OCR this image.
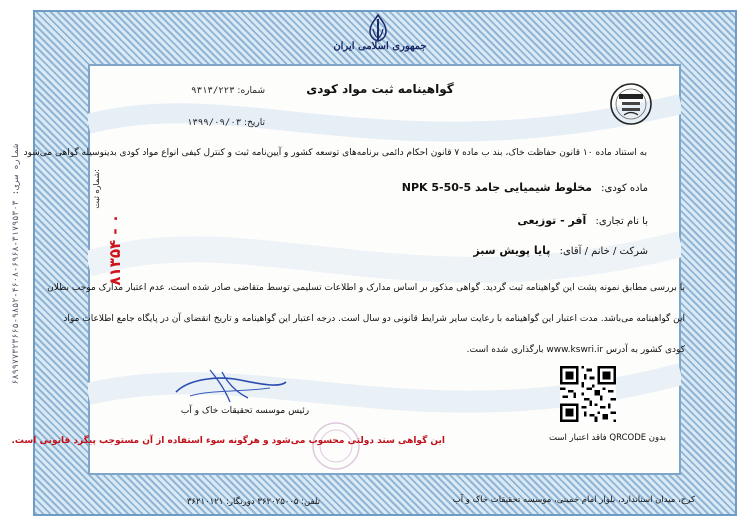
شماره سری: ۳۱۷۹۵۳۰۳-۶۹۶۸-۴۶۰۸-۹۸۵۲-۶۸۹۹۷۷۳۲۳۶۶۵
جمهوری اسلامی ایران
گواهینامه ثبت مواد کودی
شماره: ۹۳۱۳/۲۲۳
تاریخ: ۱۳۹۹/۰۹/۰۳
به استناد ماده ۱۰ قانون حفاظت خاک، بند ب ماده ۷ قانون احکام دائمی برنامه‌های توسعه کشور و آیین‌نامه ثبت و کنترل کیفی انواع مواد کودی بدینوسیله گواهی می‌شود
ماده کودی: مخلوط شیمیایی جامد NPK 5-50-5
با نام تجاری: آفر - توزیعی
شرکت / خانم / آقای: پایا پویش سبز
شماره ثبت:
۸۱۳۵۴ - ۰
با بررسی مطابق نمونه پشت این گواهینامه ثبت گردید. گواهی مذکور بر اساس مدارک و اطلاعات تسلیمی توسط متقاضی صادر شده است، عدم اعتبار مدارک موجب بطلان
این گواهینامه می‌باشد. مدت اعتبار این گواهینامه با رعایت سایر شرایط قانونی دو سال است. درجه اعتبار این گواهینامه و تاریخ انقضای آن در پایگاه جامع اطلاعات مواد
کودی کشور به آدرس www.kswri.ir بارگذاری شده است.
رئیس موسسه تحقیقات خاک و آب
بدون QRCODE فاقد اعتبار است
این گواهی سند دولتی محسوب می‌شود و هرگونه سوء استفاده از آن مستوجب پیگرد قانونی است.
تلفن: ۳۶۲۰۲۵۰۰۵ دورنگار: ۳۶۲۱۰۱۲۱	کرج، میدان استاندارد، بلوار امام خمینی، موسسه تحقیقات خاک و آب
